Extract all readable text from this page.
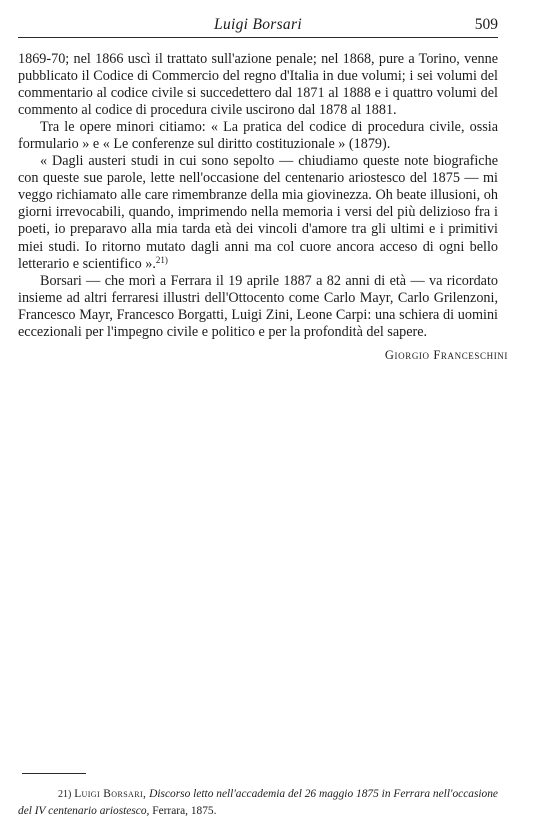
Luigi Borsari	509

1869-70; nel 1866 uscì il trattato sull'azione penale; nel 1868, pure a Torino, venne pubblicato il Codice di Commercio del regno d'Italia in due volumi; i sei volumi del commentario al codice civile si succedettero dal 1871 al 1888 e i quattro volumi del commento al codice di procedura civile uscirono dal 1878 al 1881.

Tra le opere minori citiamo: « La pratica del codice di procedura civile, ossia formulario » e « Le conferenze sul diritto costituzionale » (1879).

« Dagli austeri studi in cui sono sepolto — chiudiamo queste note biografiche con queste sue parole, lette nell'occasione del centenario ariostesco del 1875 — mi veggo richiamato alle care rimembranze della mia giovinezza. Oh beate illusioni, oh giorni irrevocabili, quando, imprimendo nella memoria i versi del più delizioso fra i poeti, io preparavo alla mia tarda età dei vincoli d'amore tra gli ultimi e i primitivi miei studi. Io ritorno mutato dagli anni ma col cuore ancora acceso di ogni bello letterario e scientifico ».$^{21)}$

Borsari — che morì a Ferrara il 19 aprile 1887 a 82 anni di età — va ricordato insieme ad altri ferraresi illustri dell'Ottocento come Carlo Mayr, Carlo Grilenzoni, Francesco Mayr, Francesco Borgatti, Luigi Zini, Leone Carpi: una schiera di uomini eccezionali per l'impegno civile e politico e per la profondità del sapere.

Giorgio Franceschini
21) Luigi Borsari, Discorso letto nell'accademia del 26 maggio 1875 in Ferrara nell'occasione del IV centenario ariostesco, Ferrara, 1875.
